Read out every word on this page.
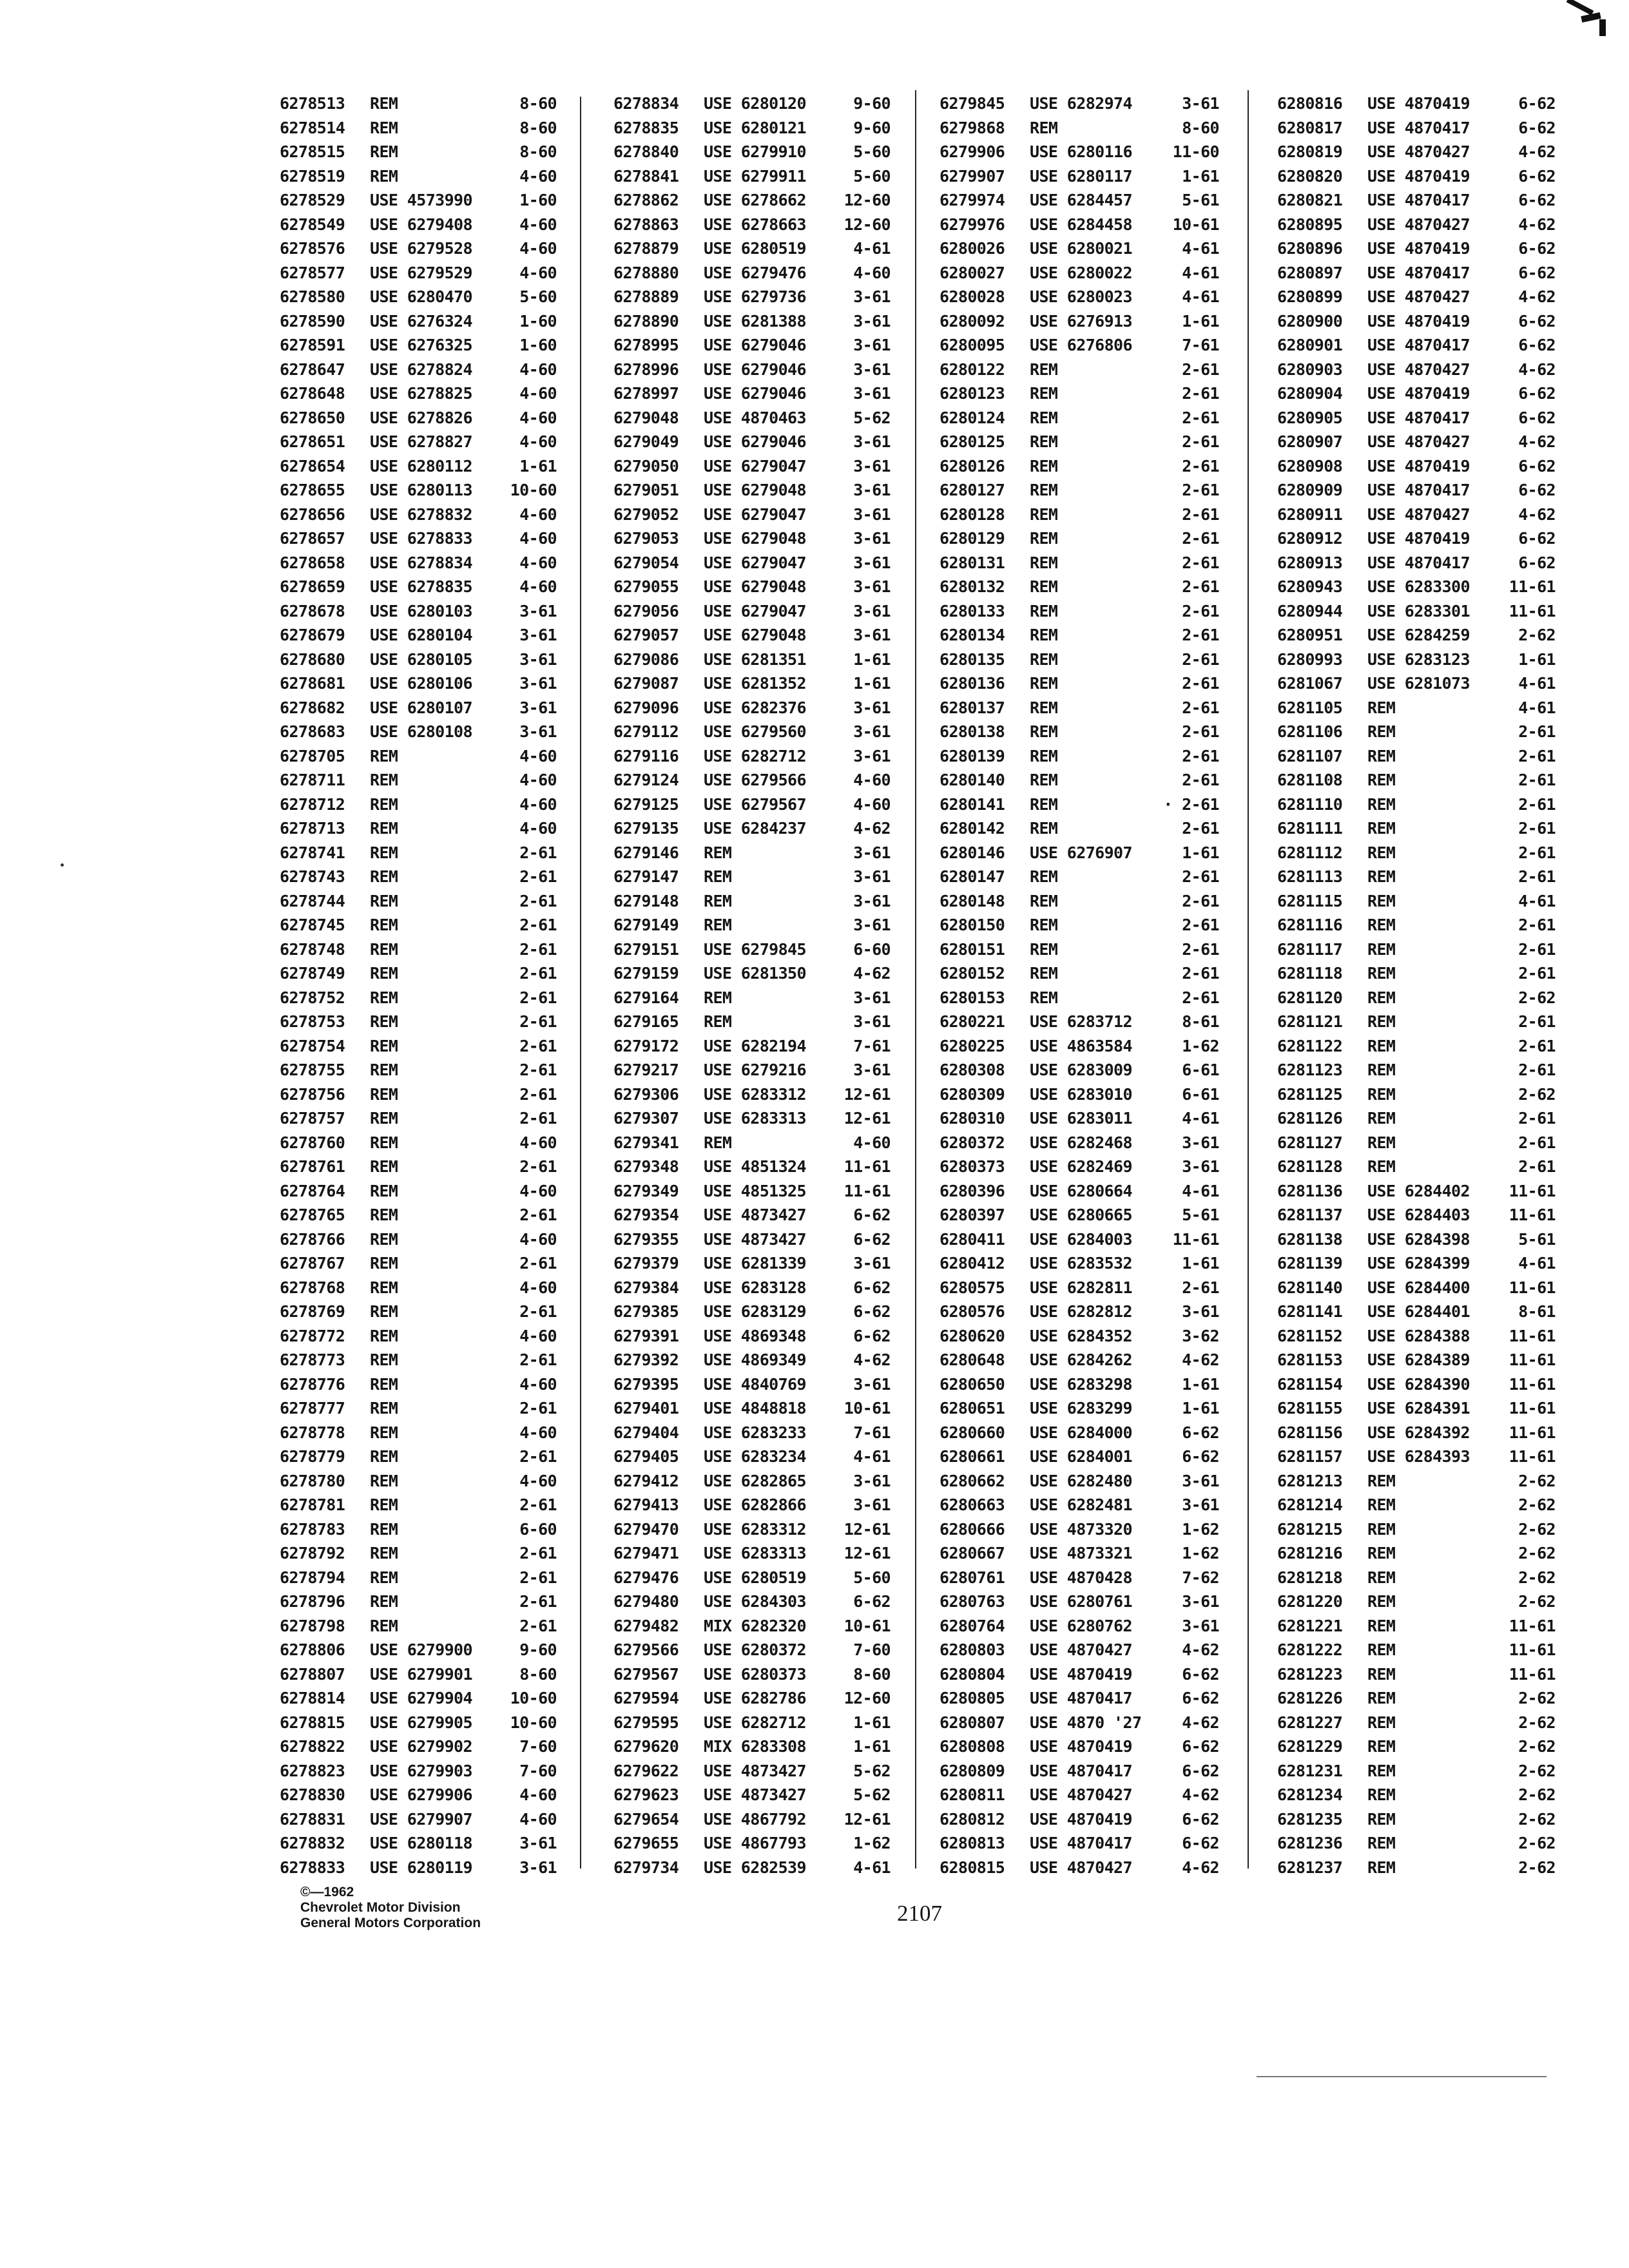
6278513 REM	8-60
6278514 REM	8-60
6278515 REM	8-60
6278519 REM	4-60
6278529 USE 4573990	1-60
6278549 USE 6279408	4-60
6278576 USE 6279528	4-60
6278577 USE 6279529	4-60
6278580 USE 6280470	5-60
6278590 USE 6276324	1-60
6278591 USE 6276325	1-60
6278647 USE 6278824	4-60
6278648 USE 6278825	4-60
6278650 USE 6278826	4-60
6278651 USE 6278827	4-60
6278654 USE 6280112	1-61
6278655 USE 6280113 10-60
6278656 USE 6278832	4-60
6278657 USE 6278833	4-60
6278658 USE 6278834	4-60
6278659 USE 6278835	4-60
6278678 USE 6280103	3-61
6278679 USE 6280104	3-61
6278680 USE 6280105	3-61
6278681 USE 6280106	3-61
6278682 USE 6280107	3-61
6278683 USE 6280108	3-61
6278705 REM	4-60
6278711 REM	4-60
6278712 REM	4-60
6278713 REM	4-60
6278741 REM	2-61
6278743 REM	2-61
6278744 REM	2-61
6278745 REM	2-61
6278748 REM	2-61
6278749 REM	2-61
6278752 REM	2-61
6278753 REM	2-61
6278754 REM	2-61
6278755 REM	2-61
6278756 REM	2-61
6278757 REM	2-61
6278760 REM	4-60
6278761 REM	2-61
6278764 REM	4-60
6278765 REM	2-61
6278766 REM	4-60
6278767 REM	2-61
6278768 REM	4-60
6278769 REM	2-61
6278772 REM	4-60
6278773 REM	2-61
6278776 REM	4-60
6278777 REM	2-61
6278778 REM	4-60
6278779 REM	2-61
6278780 REM	4-60
6278781 REM	2-61
6278783 REM	6-60
6278792 REM	2-61
6278794 REM	2-61
6278796 REM	2-61
6278798 REM	2-61
6278806 USE 6279900	9-60
6278807 USE 6279901	8-60
6278814 USE 6279904 10-60
6278815 USE 6279905 10-60
6278822 USE 6279902	7-60
6278823 USE 6279903	7-60
6278830 USE 6279906	4-60
6278831 USE 6279907	4-60
6278832 USE 6280118	3-61
6278833 USE 6280119	3-61
6278834 USE 6280120	9-60
6278835 USE 6280121	9-60
6278840 USE 6279910	5-60
6278841 USE 6279911	5-60
6278862 USE 6278662 12-60
6278863 USE 6278663 12-60
6278879 USE 6280519	4-61
6278880 USE 6279476	4-60
6278889 USE 6279736	3-61
6278890 USE 6281388	3-61
6278995 USE 6279046	3-61
6278996 USE 6279046	3-61
6278997 USE 6279046	3-61
6279048 USE 4870463	5-62
6279049 USE 6279046	3-61
6279050 USE 6279047	3-61
6279051 USE 6279048	3-61
6279052 USE 6279047	3-61
6279053 USE 6279048	3-61
6279054 USE 6279047	3-61
6279055 USE 6279048	3-61
6279056 USE 6279047	3-61
6279057 USE 6279048	3-61
6279086 USE 6281351	1-61
6279087 USE 6281352	1-61
6279096 USE 6282376	3-61
6279112 USE 6279560	3-61
6279116 USE 6282712	3-61
6279124 USE 6279566	4-60
6279125 USE 6279567	4-60
6279135 USE 6284237	4-62
6279146 REM	3-61
6279147 REM	3-61
6279148 REM	3-61
6279149 REM	3-61
6279151 USE 6279845	6-60
6279159 USE 6281350	4-62
6279164 REM	3-61
6279165 REM	3-61
6279172 USE 6282194	7-61
6279217 USE 6279216	3-61
6279306 USE 6283312 12-61
6279307 USE 6283313 12-61
6279341 REM	4-60
6279348 USE 4851324 11-61
6279349 USE 4851325 11-61
6279354 USE 4873427	6-62
6279355 USE 4873427	6-62
6279379 USE 6281339	3-61
6279384 USE 6283128	6-62
6279385 USE 6283129	6-62
6279391 USE 4869348	6-62
6279392 USE 4869349	4-62
6279395 USE 4840769	3-61
6279401 USE 4848818 10-61
6279404 USE 6283233	7-61
6279405 USE 6283234	4-61
6279412 USE 6282865	3-61
6279413 USE 6282866	3-61
6279470 USE 6283312 12-61
6279471 USE 6283313 12-61
6279476 USE 6280519	5-60
6279480 USE 6284303	6-62
6279482 MIX 6282320 10-61
6279566 USE 6280372	7-60
6279567 USE 6280373	8-60
6279594 USE 6282786 12-60
6279595 USE 6282712	1-61
6279620 MIX 6283308	1-61
6279622 USE 4873427	5-62
6279623 USE 4873427	5-62
6279654 USE 4867792 12-61
6279655 USE 4867793	1-62
6279734 USE 6282539	4-61
6279845 USE 6282974	3-61
6279868 REM	8-60
6279906 USE 6280116	11-60
6279907 USE 6280117	1-61
6279974 USE 6284457	5-61
6279976 USE 6284458	10-61
6280026 USE 6280021	4-61
6280027 USE 6280022	4-61
6280028 USE 6280023	4-61
6280092 USE 6276913	1-61
6280095 USE 6276806	7-61
6280122 REM	2-61
6280123 REM	2-61
6280124 REM	2-61
6280125 REM	2-61
6280126 REM	2-61
6280127 REM	2-61
6280128 REM	2-61
6280129 REM	2-61
6280131 REM	2-61
6280132 REM	2-61
6280133 REM	2-61
6280134 REM	2-61
6280135 REM	2-61
6280136 REM	2-61
6280137 REM	2-61
6280138 REM	2-61
6280139 REM	2-61
6280140 REM	2-61
6280141 REM	· 2-61
6280142 REM	2-61
6280146 USE 6276907	1-61
6280147 REM	2-61
6280148 REM	2-61
6280150 REM	2-61
6280151 REM	2-61
6280152 REM	2-61
6280153 REM	2-61
6280221 USE 6283712	8-61
6280225 USE 4863584	1-62
6280308 USE 6283009	6-61
6280309 USE 6283010	6-61
6280310 USE 6283011	4-61
6280372 USE 6282468	3-61
6280373 USE 6282469	3-61
6280396 USE 6280664	4-61
6280397 USE 6280665	5-61
6280411 USE 6284003	11-61
6280412 USE 6283532	1-61
6280575 USE 6282811	2-61
6280576 USE 6282812	3-61
6280620 USE 6284352	3-62
6280648 USE 6284262	4-62
6280650 USE 6283298	1-61
6280651 USE 6283299	1-61
6280660 USE 6284000	6-62
6280661 USE 6284001	6-62
6280662 USE 6282480	3-61
6280663 USE 6282481	3-61
6280666 USE 4873320	1-62
6280667 USE 4873321	1-62
6280761 USE 4870428	7-62
6280763 USE 6280761	3-61
6280764 USE 6280762	3-61
6280803 USE 4870427	4-62
6280804 USE 4870419	6-62
6280805 USE 4870417	6-62
6280807 USE 4870 '27	4-62
6280808 USE 4870419	6-62
6280809 USE 4870417	6-62
6280811 USE 4870427	4-62
6280812 USE 4870419	6-62
6280813 USE 4870417	6-62
6280815 USE 4870427	4-62
6280816 USE 4870419	6-62
6280817 USE 4870417	6-62
6280819 USE 4870427	4-62
6280820 USE 4870419	6-62
6280821 USE 4870417	6-62
6280895 USE 4870427	4-62
6280896 USE 4870419	6-62
6280897 USE 4870417	6-62
6280899 USE 4870427	4-62
6280900 USE 4870419	6-62
6280901 USE 4870417	6-62
6280903 USE 4870427	4-62
6280904 USE 4870419	6-62
6280905 USE 4870417	6-62
6280907 USE 4870427	4-62
6280908 USE 4870419	6-62
6280909 USE 4870417	6-62
6280911 USE 4870427	4-62
6280912 USE 4870419	6-62
6280913 USE 4870417	6-62
6280943 USE 6283300 11-61
6280944 USE 6283301 11-61
6280951 USE 6284259	2-62
6280993 USE 6283123	1-61
6281067 USE 6281073	4-61
6281105 REM	4-61
6281106 REM	2-61
6281107 REM	2-61
6281108 REM	2-61
6281110 REM	2-61
6281111 REM	2-61
6281112 REM	2-61
6281113 REM	2-61
6281115 REM	4-61
6281116 REM	2-61
6281117 REM	2-61
6281118 REM	2-61
6281120 REM	2-62
6281121 REM	2-61
6281122 REM	2-61
6281123 REM	2-61
6281125 REM	2-62
6281126 REM	2-61
6281127 REM	2-61
6281128 REM	2-61
6281136 USE 6284402 11-61
6281137 USE 6284403 11-61
6281138 USE 6284398	5-61
6281139 USE 6284399	4-61
6281140 USE 6284400 11-61
6281141 USE 6284401	8-61
6281152 USE 6284388 11-61
6281153 USE 6284389 11-61
6281154 USE 6284390 11-61
6281155 USE 6284391 11-61
6281156 USE 6284392 11-61
6281157 USE 6284393 11-61
6281213 REM	2-62
6281214 REM	2-62
6281215 REM	2-62
6281216 REM	2-62
6281218 REM	2-62
6281220 REM	2-62
6281221 REM	11-61
6281222 REM	11-61
6281223 REM	11-61
6281226 REM	2-62
6281227 REM	2-62
6281229 REM	2-62
6281231 REM	2-62
6281234 REM	2-62
6281235 REM	2-62
6281236 REM	2-62
6281237 REM	2-62
©—1962
Chevrolet Motor Division
General Motors Corporation	2107
